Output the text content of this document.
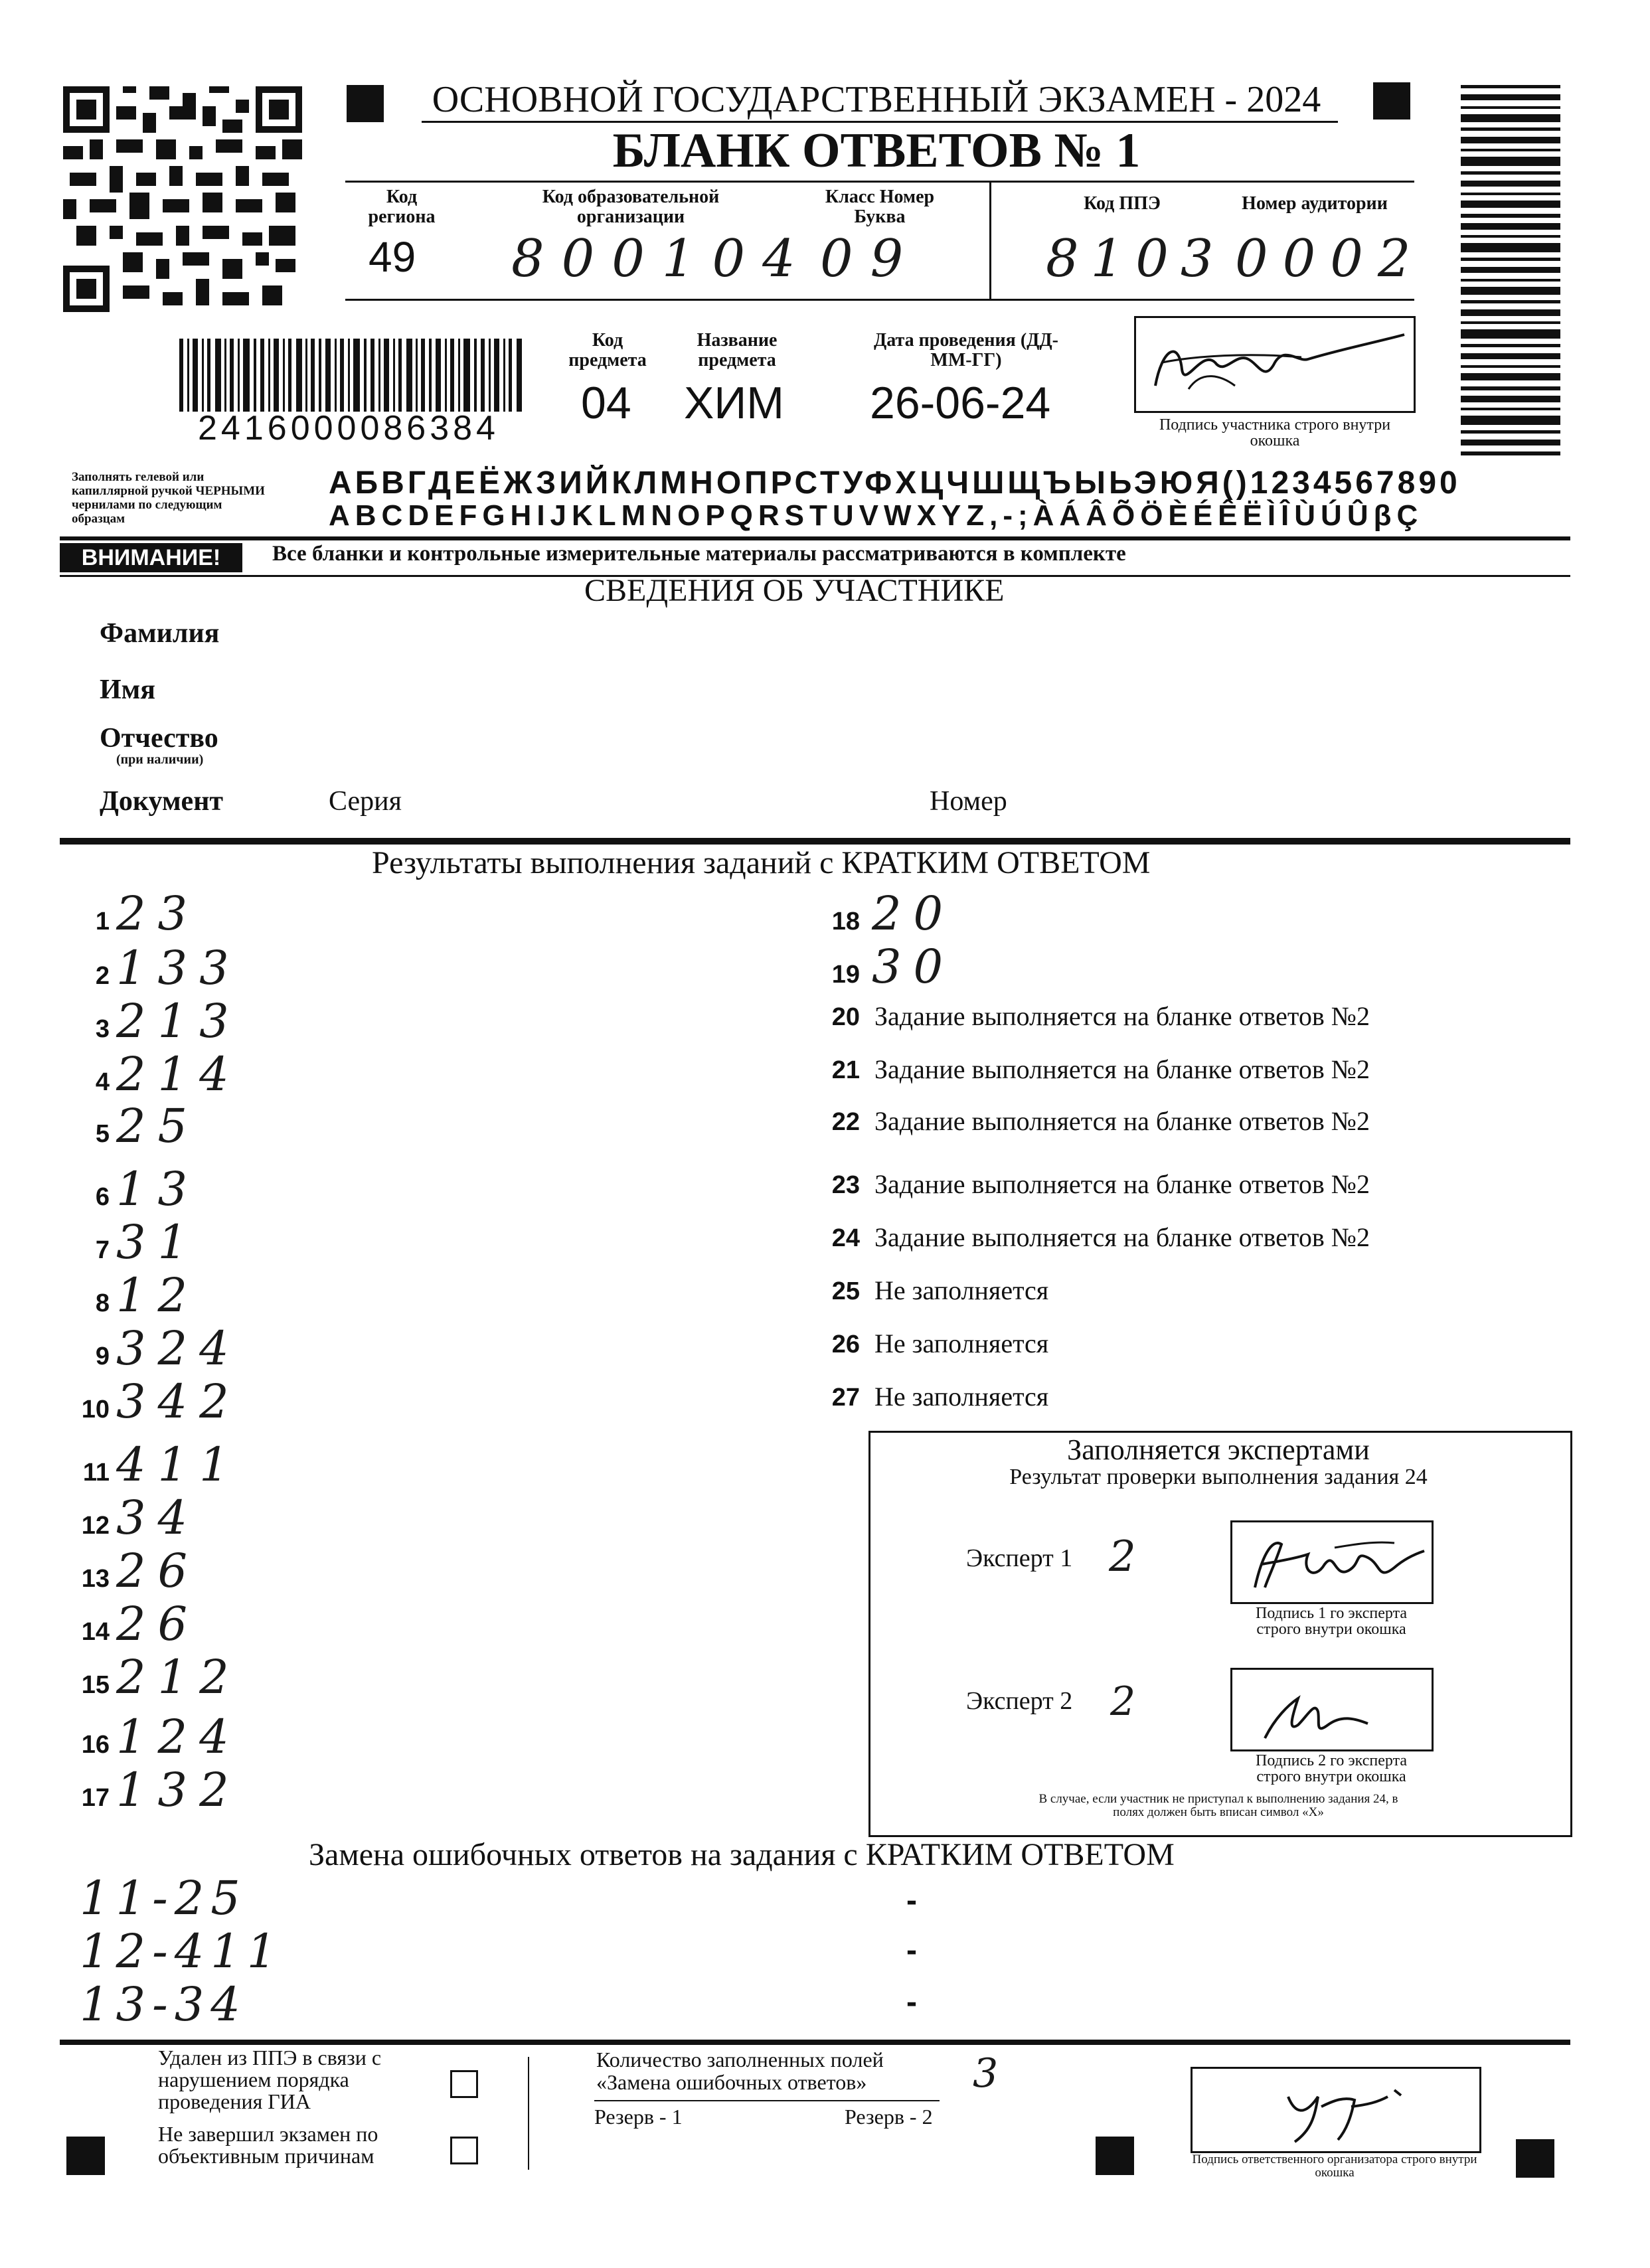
ОСНОВНОЙ ГОСУДАРСТВЕННЫЙ ЭКЗАМЕН - 2024
БЛАНК ОТВЕТОВ № 1
Код региона
49
Код образовательной организации
800104
Класс Номер Буква
09
Код ППЭ
8103
Номер аудитории
0002
2416000086384
Код предмета
04
Название предмета
ХИМ
Дата проведения (ДД-ММ-ГГ)
26-06-24	Подпись участника строго внутри окошка
Заполнять гелевой или капиллярной ручкой ЧЕРНЫМИ чернилами по следующим образцам
АБВГДЕЁЖЗИЙКЛМНОПРСТУФХЦЧШЩЪЫЬЭЮЯ()1234567890
ABCDEFGHIJKLMNOPQRSTUVWXYZ,-;ÀÁÂÕÖÈÉÊËÌÎÙÚÛβÇ
ВНИМАНИЕ!	Все бланки и контрольные измерительные материалы рассматриваются в комплекте
СВЕДЕНИЯ ОБ УЧАСТНИКЕ
Фамилия
Имя
Отчество
(при наличии)
Документ	Серия	Номер
Результаты выполнения заданий с КРАТКИМ ОТВЕТОМ
1 23
2 133
3 213
4 214
5 25
6 13
7 31
8 12
9 324
10 342
11 411
12 34
13 26
14 26
15 212
16 124
17 132
18 20
19 30
20 Задание выполняется на бланке ответов №2
21 Задание выполняется на бланке ответов №2
22 Задание выполняется на бланке ответов №2
23 Задание выполняется на бланке ответов №2
24 Задание выполняется на бланке ответов №2
25 Не заполняется
26 Не заполняется
27 Не заполняется
Заполняется экспертами
Результат проверки выполнения задания 24
Эксперт 1 2
Подпись 1 го эксперта строго внутри окошка
Эксперт 2 2
Подпись 2 го эксперта строго внутри окошка
В случае, если участник не приступал к выполнению задания 24, в полях должен быть вписан символ «Х»
Замена ошибочных ответов на задания с КРАТКИМ ОТВЕТОМ
11-25
12-411
13-34
-
-
-
Удален из ППЭ в связи с нарушением порядка проведения ГИА
Не завершил экзамен по объективным причинам
Количество заполненных полей «Замена ошибочных ответов»	3
Резерв - 1	Резерв - 2
Подпись ответственного организатора строго внутри окошка
